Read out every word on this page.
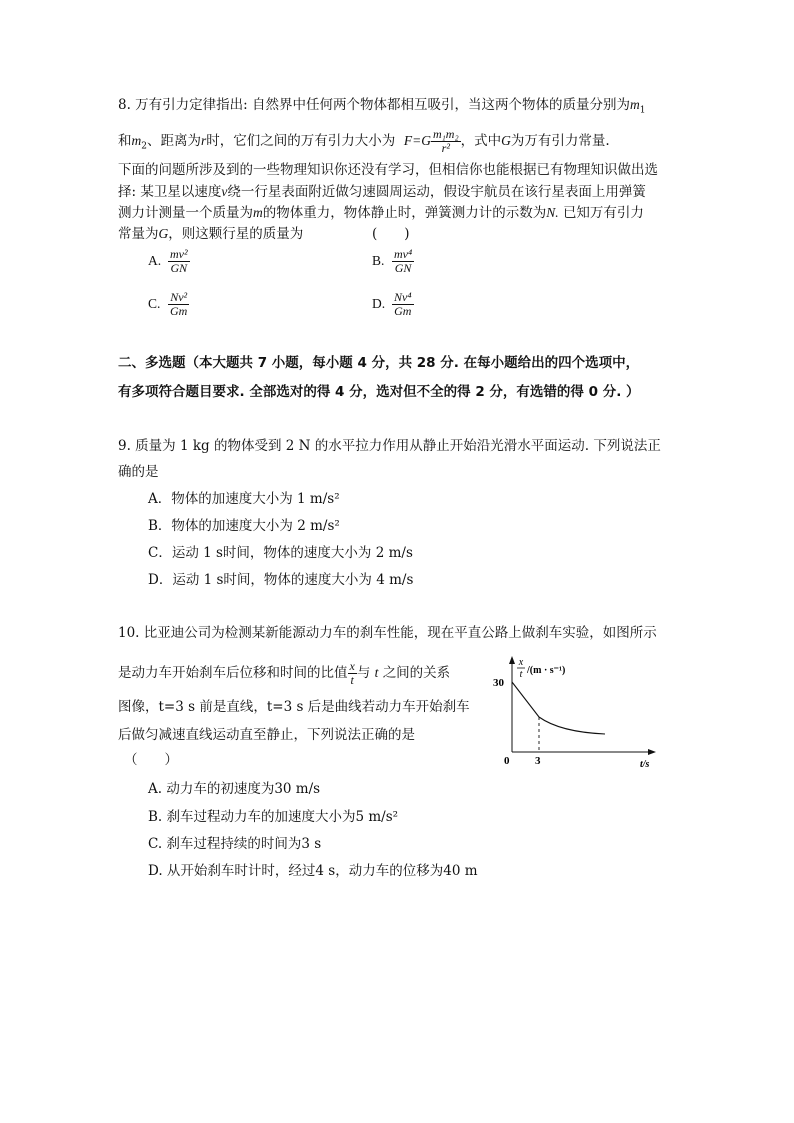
8. 万有引力定律指出: 自然界中任何两个物体都相互吸引，当这两个物体的质量分别为$m_1$
和$m_2$、距离为r时，它们之间的万有引力大小为 $F=G \frac{\text{m₁m₂}}{\text{r²}}$ ，式中G为万有引力常量.
下面的问题所涉及到的一些物理知识你还没有学习，但相信你也能根据已有物理知识做出选
择: 某卫星以速度v绕一行星表面附近做匀速圆周运动，假设宇航员在该行星表面上用弹簧
测力计测量一个质量为m的物体重力，物体静止时，弹簧测力计的示数为N. 已知万有引力
常量为G，则这颗行星的质量为	(　　)
A. $\frac{\text{mv²}}{GN}$	B. $\frac{\text{mv⁴}}{GN}$
C. $\frac{\text{Nv²}}{Gm}$	D. $\frac{\text{Nv⁴}}{Gm}$
二、多选题（本大题共 7 小题，每小题 4 分，共 28 分. 在每小题给出的四个选项中，
有多项符合题目要求. 全部选对的得 4 分，选对但不全的得 2 分，有选错的得 0 分. ）
9. 质量为 1 kg 的物体受到 2 N 的水平拉力作用从静止开始沿光滑水平面运动. 下列说法正
确的是
A．物体的加速度大小为 1 m/s²
B．物体的加速度大小为 2 m/s²
C．运动 1 s时间，物体的速度大小为 2 m/s
D．运动 1 s时间，物体的速度大小为 4 m/s
10. 比亚迪公司为检测某新能源动力车的刹车性能，现在平直公路上做刹车实验，如图所示
是动力车开始刹车后位移和时间的比值 $\frac{x}{t}$ 与 t 之间的关系
图像，t=3 s 前是直线，t=3 s 后是曲线若动力车开始刹车
后做匀减速直线运动直至静止，下列说法正确的是
（　　）
A. 动力车的初速度为30 m/s
B. 刹车过程动力车的加速度大小为5 m/s²
C. 刹车过程持续的时间为3 s
D. 从开始刹车时计时，经过4 s，动力车的位移为40 m
x
t /(m · s⁻¹)
30
0 3	t/s
